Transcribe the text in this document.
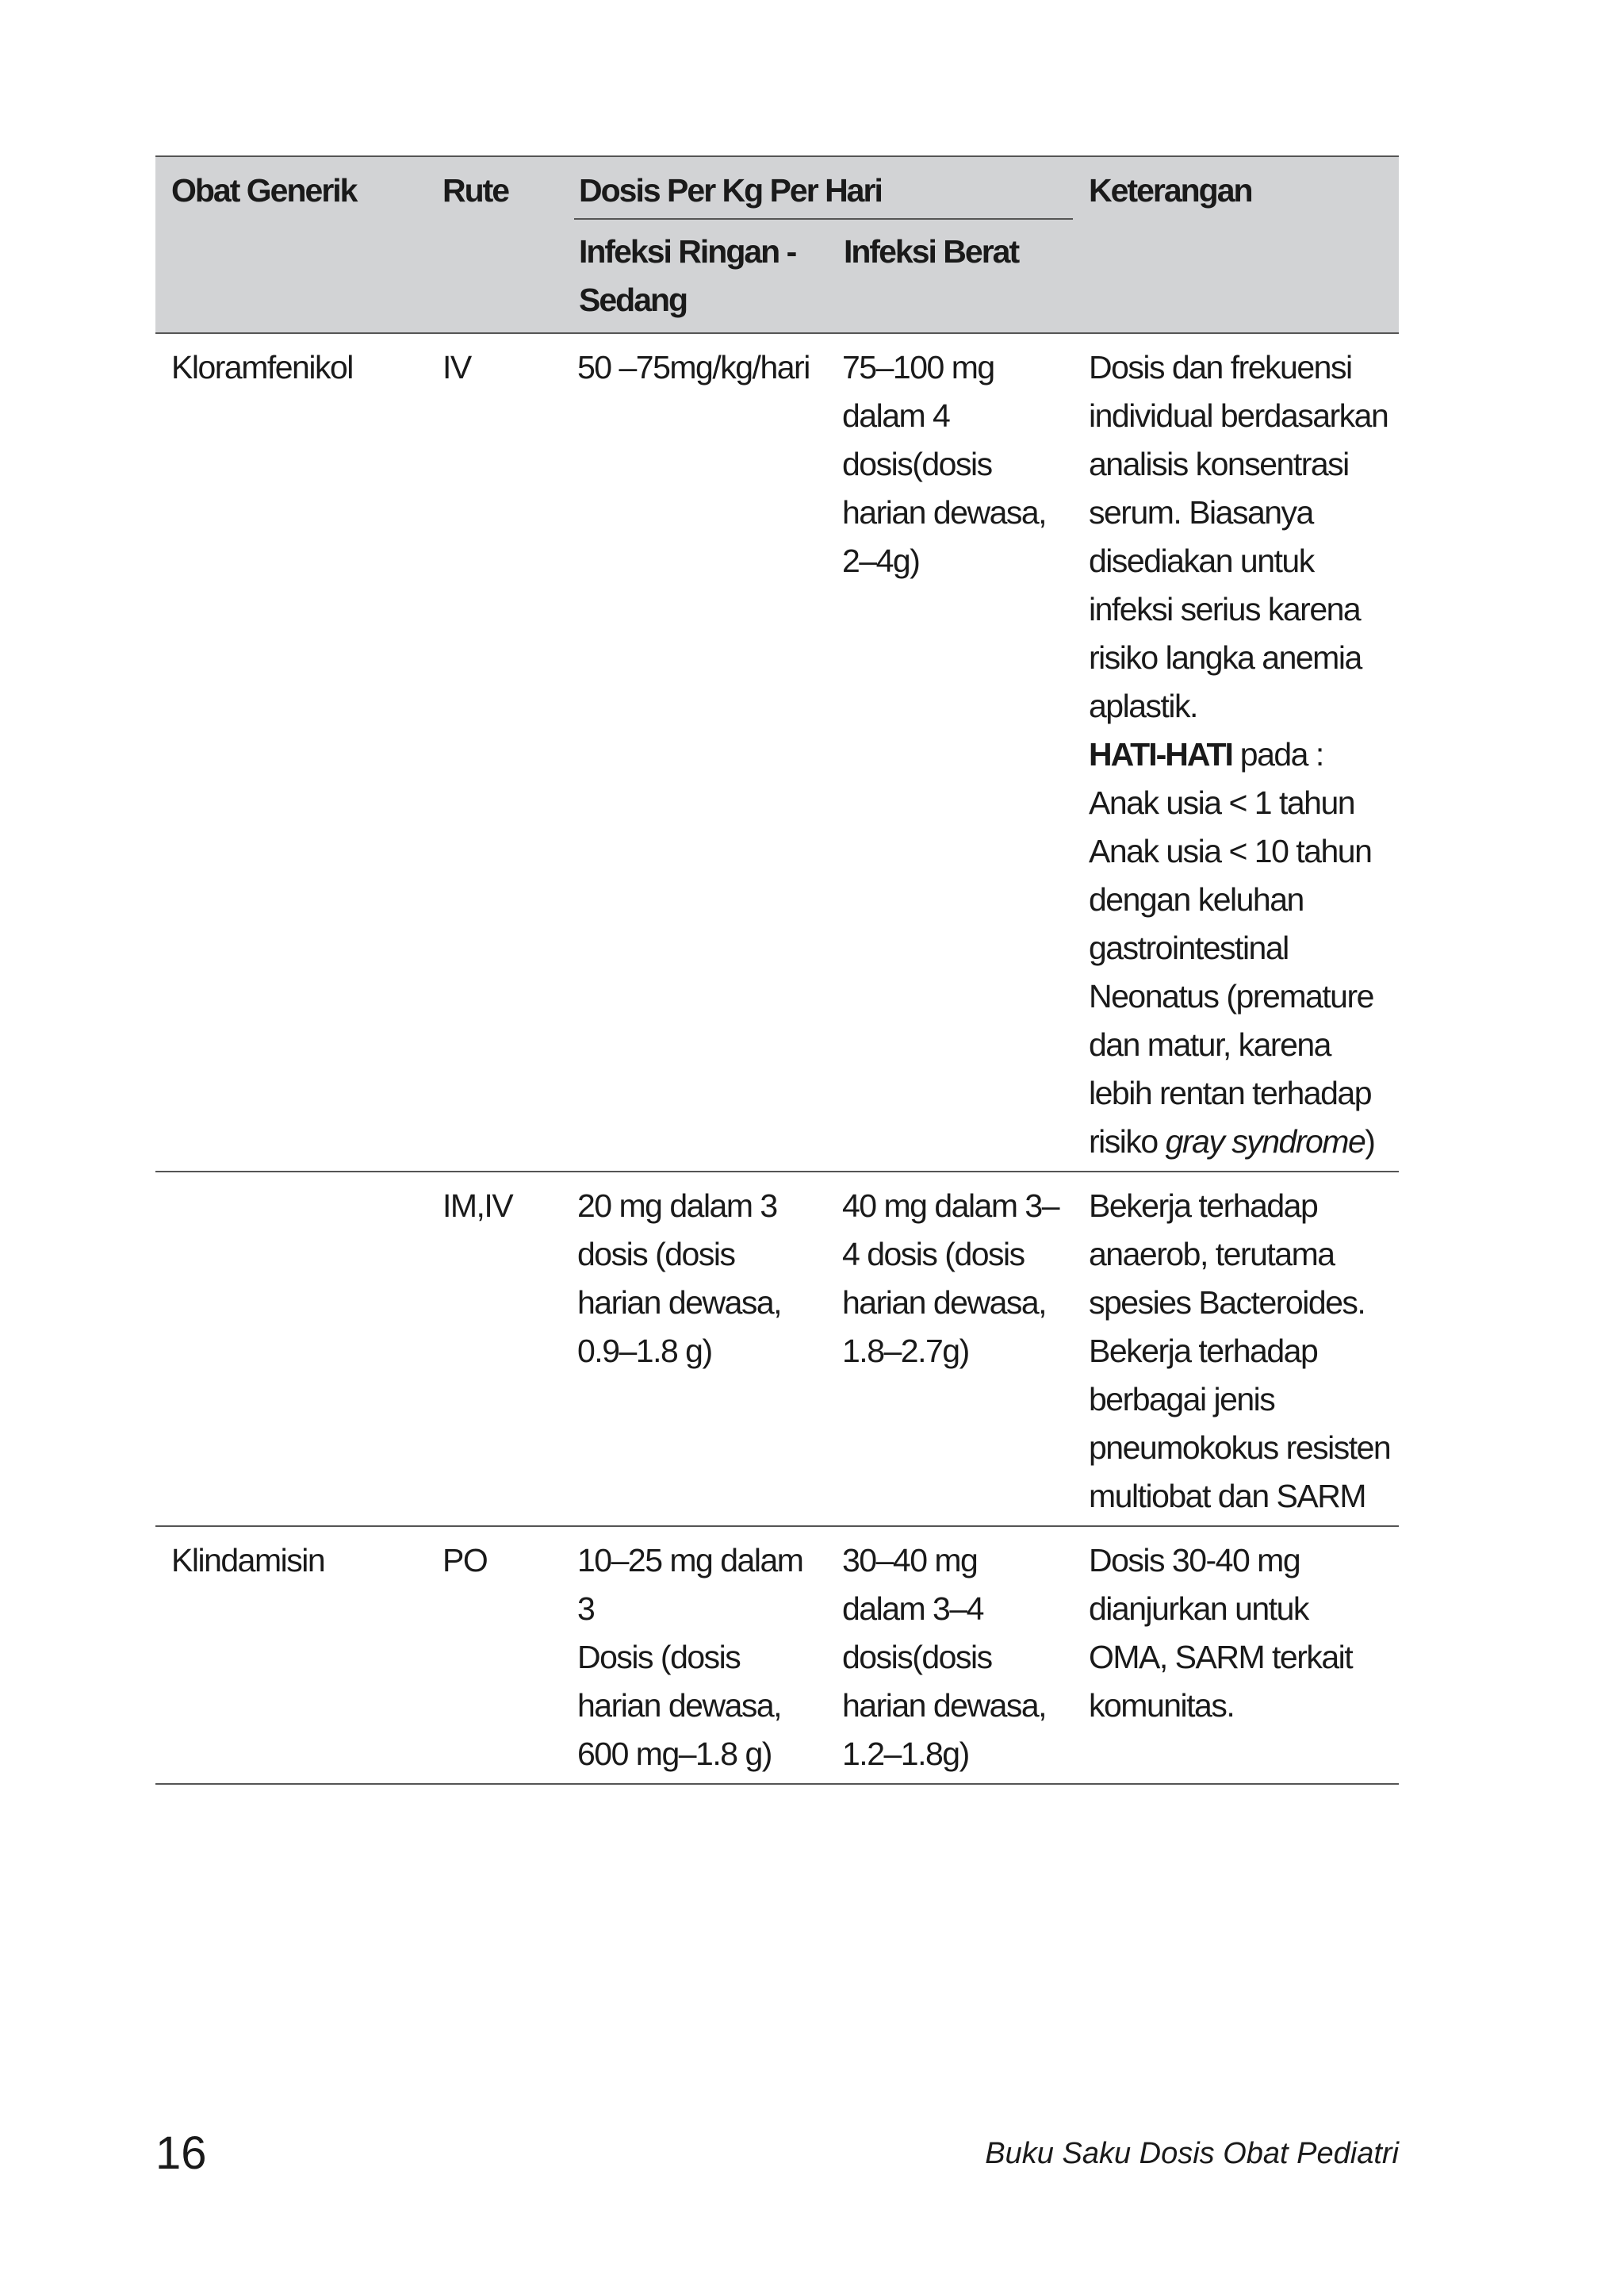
Obat Generik	Rute	Dosis Per Kg Per Hari		Keterangan
		Infeksi Ringan - Sedang	Infeksi Berat	
Kloramfenikol	IV	50 –75mg/kg/hari	75–100 mg dalam 4 dosis(dosis harian dewasa, 2–4g)	Dosis dan frekuensi individual berdasarkan analisis konsentrasi serum. Biasanya disediakan untuk infeksi serius karena risiko langka anemia aplastik.
HATI-HATI pada :
Anak usia < 1 tahun
Anak usia < 10 tahun dengan keluhan gastrointestinal
Neonatus (premature dan matur, karena lebih rentan terhadap risiko gray syndrome)

	IM,IV	20 mg dalam 3 dosis (dosis harian dewasa, 0.9–1.8 g)	40 mg dalam 3–4 dosis (dosis harian dewasa, 1.8–2.7g)	Bekerja terhadap anaerob, terutama spesies Bacteroides. Bekerja terhadap berbagai jenis pneumokokus resisten multiobat dan SARM
Klindamisin	PO	10–25 mg dalam 3
Dosis (dosis harian dewasa, 600 mg–1.8 g)	30–40 mg dalam 3–4 dosis(dosis harian dewasa, 1.2–1.8g)	Dosis 30-40 mg dianjurkan untuk OMA, SARM terkait komunitas.
16	Buku Saku Dosis Obat Pediatri
